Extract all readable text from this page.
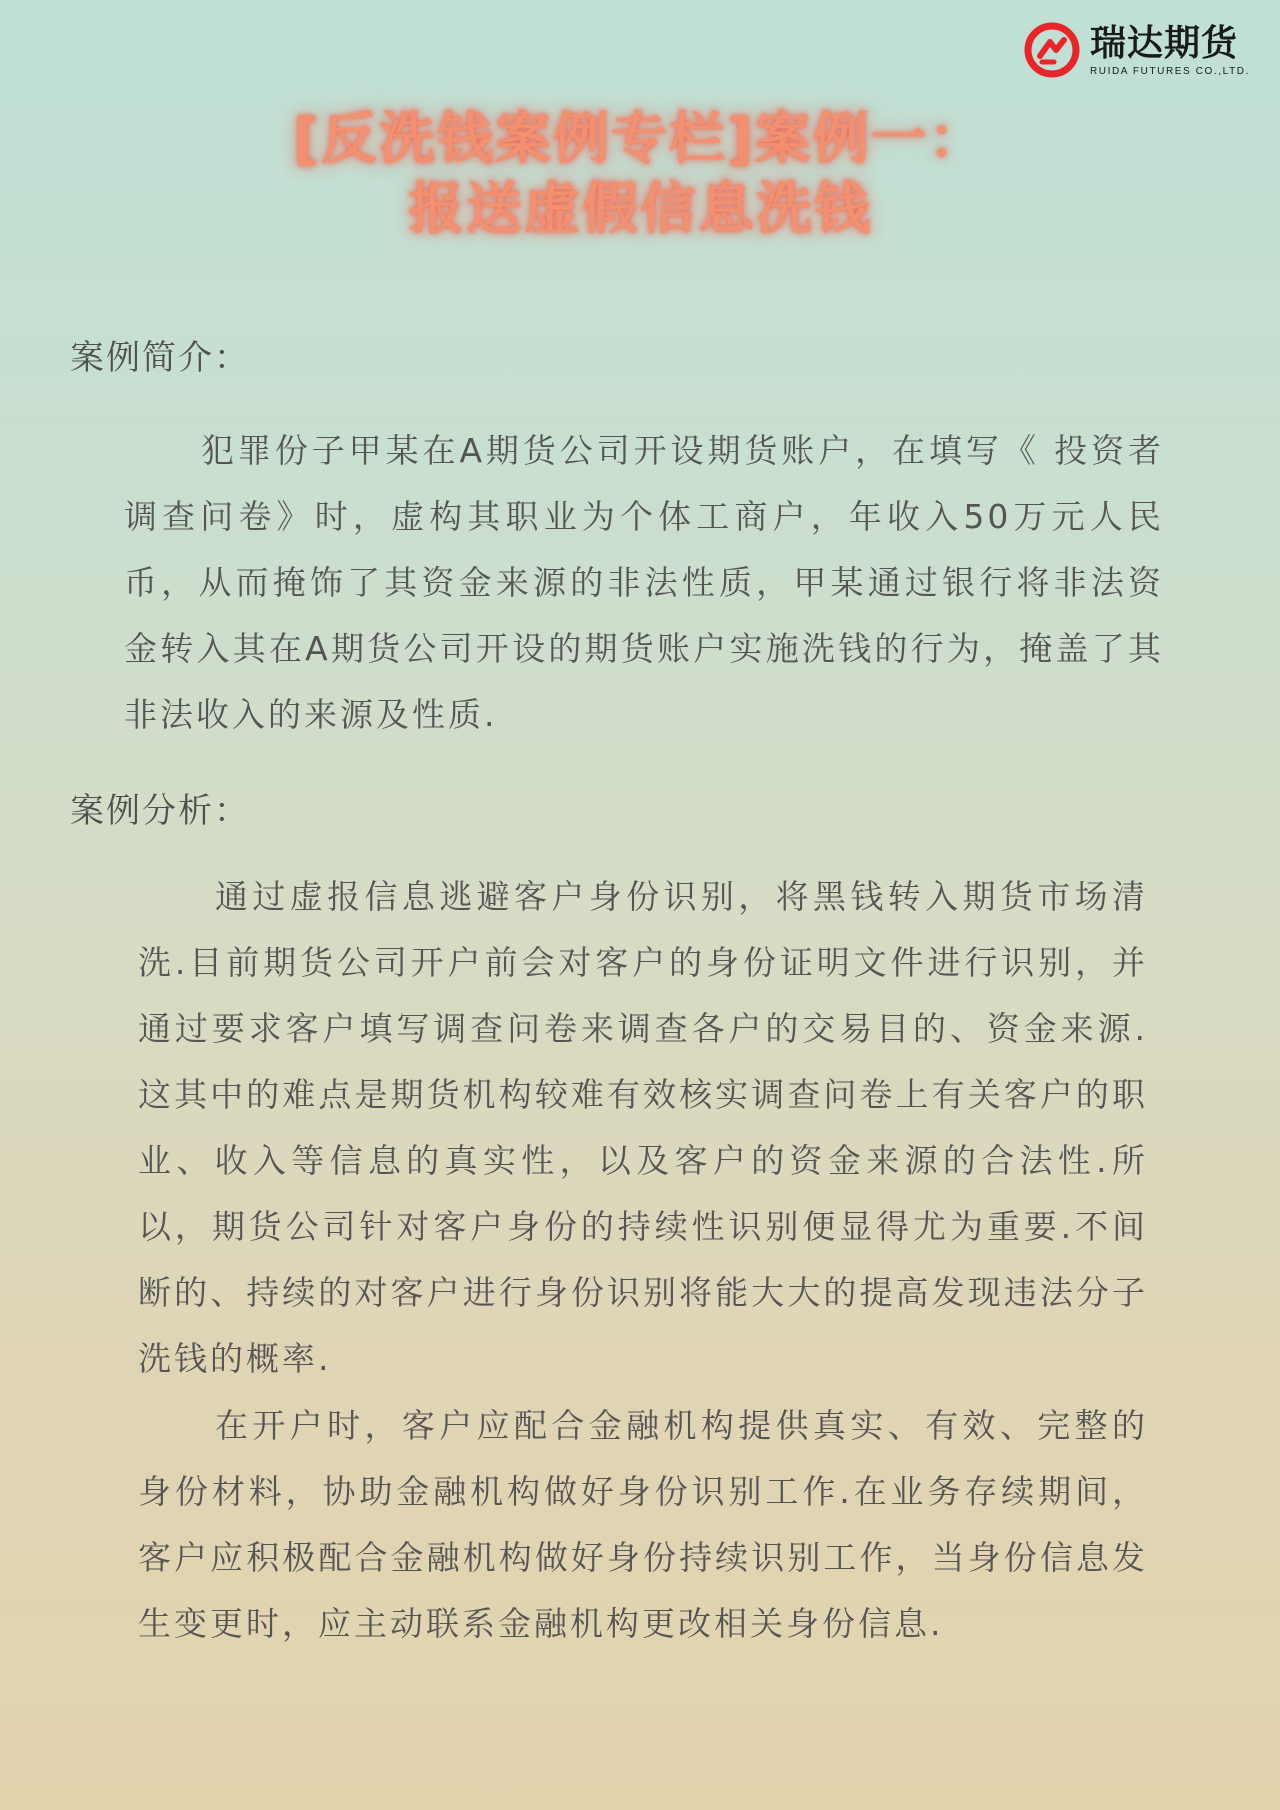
瑞达期货
RUIDA FUTURES CO.,LTD.
[反洗钱案例专栏]案例一：
报送虚假信息洗钱
案例简介：

犯罪份子甲某在A期货公司开设期货账户，在填写《 投资者调查问卷》时，虚构其职业为个体工商户，年收入50万元人民币，从而掩饰了其资金来源的非法性质，甲某通过银行将非法资金转入其在A期货公司开设的期货账户实施洗钱的行为，掩盖了其非法收入的来源及性质.

案例分析：

通过虚报信息逃避客户身份识别，将黑钱转入期货市场清洗.目前期货公司开户前会对客户的身份证明文件进行识别，并通过要求客户填写调查问卷来调查各户的交易目的、资金来源.这其中的难点是期货机构较难有效核实调查问卷上有关客户的职业、收入等信息的真实性，以及客户的资金来源的合法性.所以，期货公司针对客户身份的持续性识别便显得尤为重要.不间断的、持续的对客户进行身份识别将能大大的提高发现违法分子洗钱的概率.

在开户时，客户应配合金融机构提供真实、有效、完整的身份材料，协助金融机构做好身份识别工作.在业务存续期间，客户应积极配合金融机构做好身份持续识别工作，当身份信息发生变更时，应主动联系金融机构更改相关身份信息.
